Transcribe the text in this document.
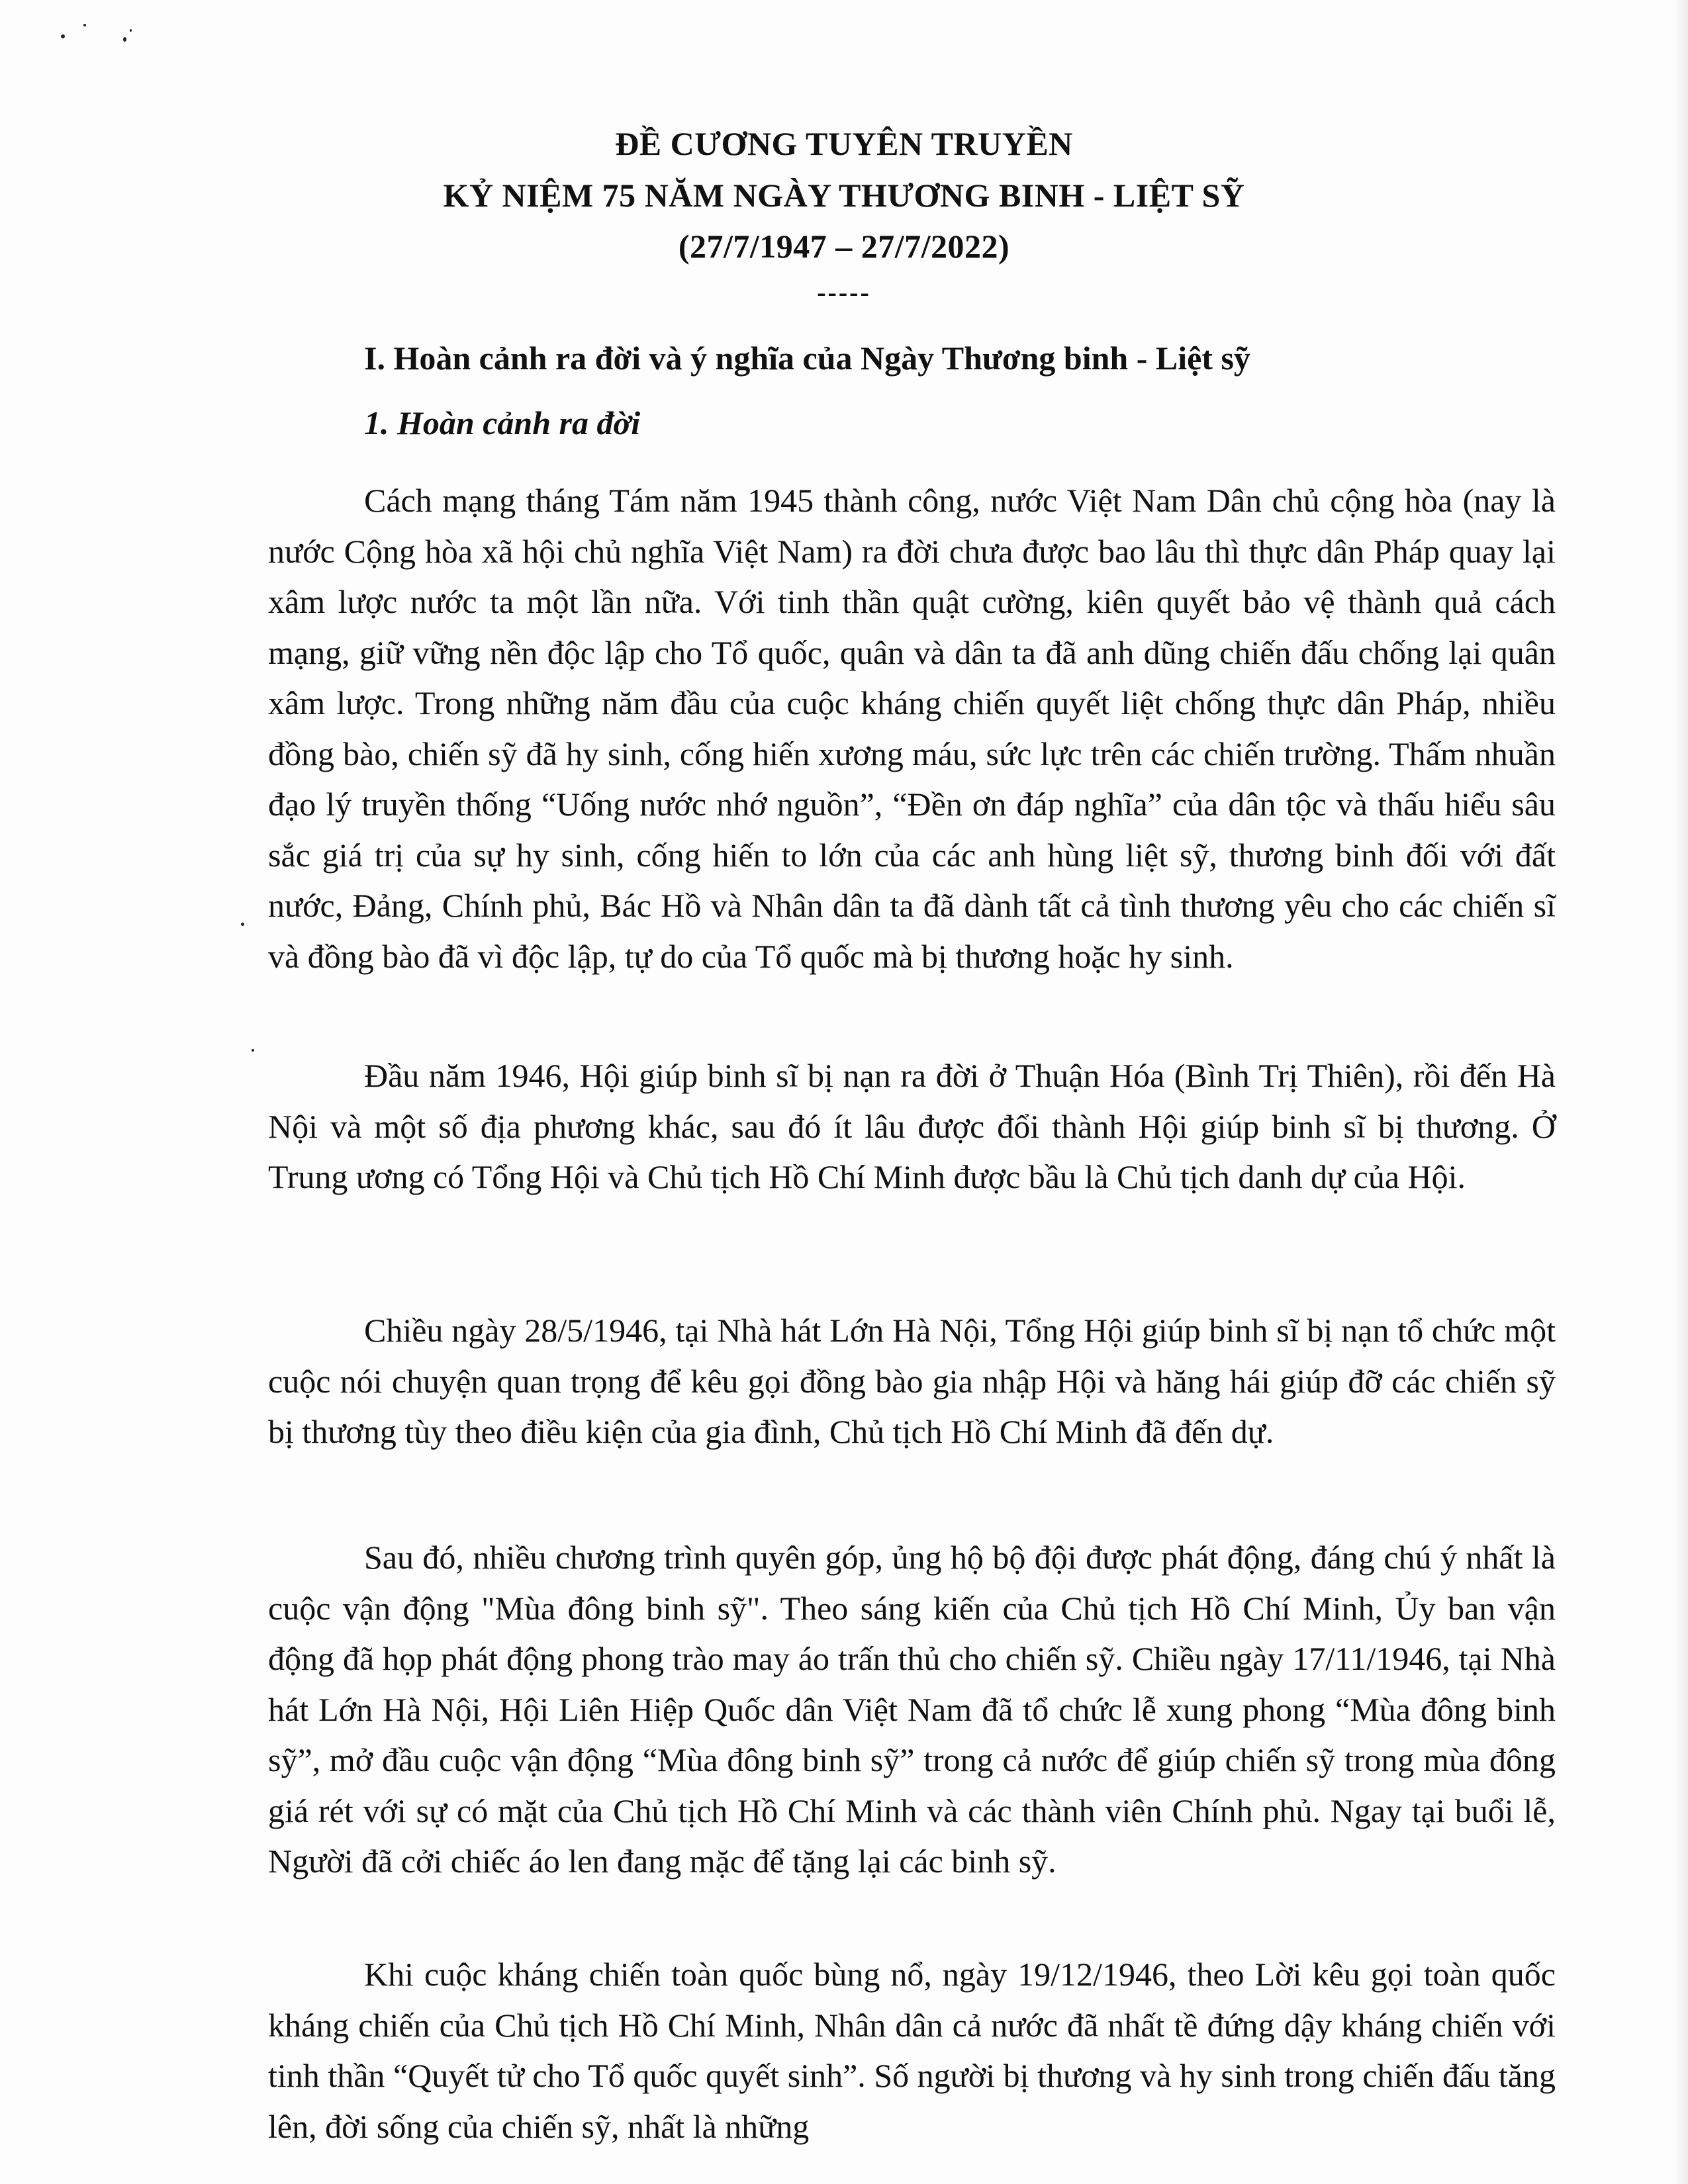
ĐỀ CƯƠNG TUYÊN TRUYỀN
KỶ NIỆM 75 NĂM NGÀY THƯƠNG BINH - LIỆT SỸ
(27/7/1947 – 27/7/2022)
-----
I. Hoàn cảnh ra đời và ý nghĩa của Ngày Thương binh - Liệt sỹ
1. Hoàn cảnh ra đời

Cách mạng tháng Tám năm 1945 thành công, nước Việt Nam Dân chủ cộng hòa (nay là nước Cộng hòa xã hội chủ nghĩa Việt Nam) ra đời chưa được bao lâu thì thực dân Pháp quay lại xâm lược nước ta một lần nữa. Với tinh thần quật cường, kiên quyết bảo vệ thành quả cách mạng, giữ vững nền độc lập cho Tổ quốc, quân và dân ta đã anh dũng chiến đấu chống lại quân xâm lược. Trong những năm đầu của cuộc kháng chiến quyết liệt chống thực dân Pháp, nhiều đồng bào, chiến sỹ đã hy sinh, cống hiến xương máu, sức lực trên các chiến trường. Thấm nhuần đạo lý truyền thống “Uống nước nhớ nguồn”, “Đền ơn đáp nghĩa” của dân tộc và thấu hiểu sâu sắc giá trị của sự hy sinh, cống hiến to lớn của các anh hùng liệt sỹ, thương binh đối với đất nước, Đảng, Chính phủ, Bác Hồ và Nhân dân ta đã dành tất cả tình thương yêu cho các chiến sĩ và đồng bào đã vì độc lập, tự do của Tổ quốc mà bị thương hoặc hy sinh.

Đầu năm 1946, Hội giúp binh sĩ bị nạn ra đời ở Thuận Hóa (Bình Trị Thiên), rồi đến Hà Nội và một số địa phương khác, sau đó ít lâu được đổi thành Hội giúp binh sĩ bị thương. Ở Trung ương có Tổng Hội và Chủ tịch Hồ Chí Minh được bầu là Chủ tịch danh dự của Hội.

Chiều ngày 28/5/1946, tại Nhà hát Lớn Hà Nội, Tổng Hội giúp binh sĩ bị nạn tổ chức một cuộc nói chuyện quan trọng để kêu gọi đồng bào gia nhập Hội và hăng hái giúp đỡ các chiến sỹ bị thương tùy theo điều kiện của gia đình, Chủ tịch Hồ Chí Minh đã đến dự.

Sau đó, nhiều chương trình quyên góp, ủng hộ bộ đội được phát động, đáng chú ý nhất là cuộc vận động "Mùa đông binh sỹ". Theo sáng kiến của Chủ tịch Hồ Chí Minh, Ủy ban vận động đã họp phát động phong trào may áo trấn thủ cho chiến sỹ. Chiều ngày 17/11/1946, tại Nhà hát Lớn Hà Nội, Hội Liên Hiệp Quốc dân Việt Nam đã tổ chức lễ xung phong “Mùa đông binh sỹ”, mở đầu cuộc vận động “Mùa đông binh sỹ” trong cả nước để giúp chiến sỹ trong mùa đông giá rét với sự có mặt của Chủ tịch Hồ Chí Minh và các thành viên Chính phủ. Ngay tại buổi lễ, Người đã cởi chiếc áo len đang mặc để tặng lại các binh sỹ.

Khi cuộc kháng chiến toàn quốc bùng nổ, ngày 19/12/1946, theo Lời kêu gọi toàn quốc kháng chiến của Chủ tịch Hồ Chí Minh, Nhân dân cả nước đã nhất tề đứng dậy kháng chiến với tinh thần “Quyết tử cho Tổ quốc quyết sinh”. Số người bị thương và hy sinh trong chiến đấu tăng lên, đời sống của chiến sỹ, nhất là những
